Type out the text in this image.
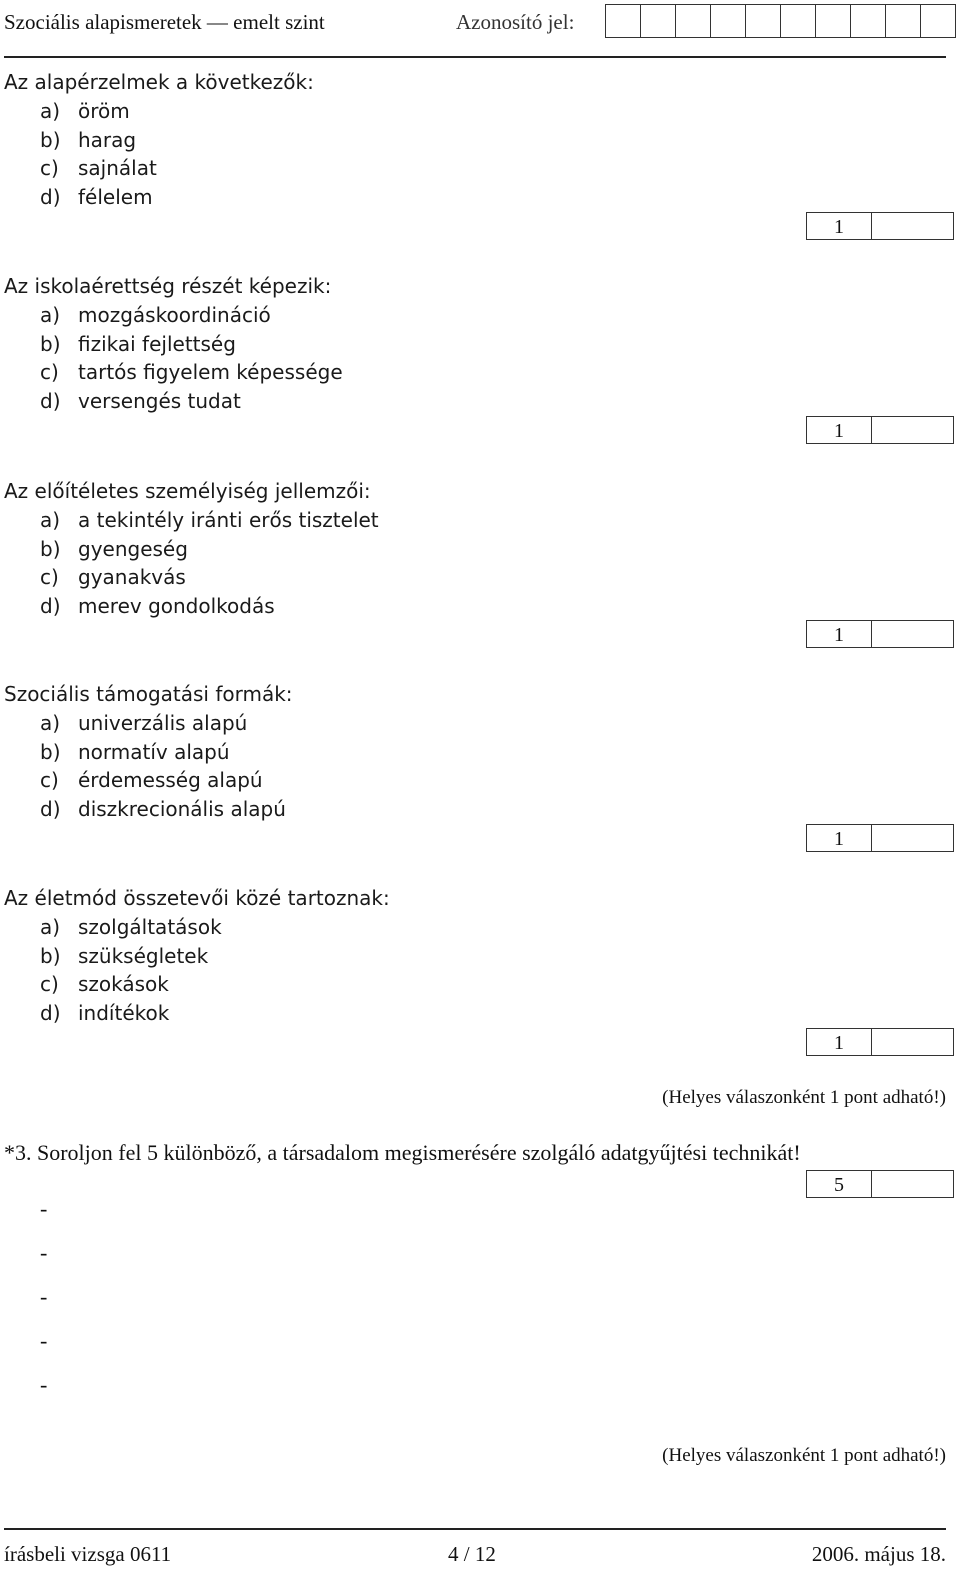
Szociális alapismeretek — emelt szint	Azonosító jel:
Az alapérzelmek a következők:
a) öröm
b) harag
c) sajnálat
d) félelem
1
Az iskolaérettség részét képezik:
a) mozgáskoordináció
b) fizikai fejlettség
c) tartós figyelem képessége
d) versengés tudat
1
Az előítéletes személyiség jellemzői:
a) a tekintély iránti erős tisztelet
b) gyengeség
c) gyanakvás
d) merev gondolkodás
1
Szociális támogatási formák:
a) univerzális alapú
b) normatív alapú
c) érdemesség alapú
d) diszkrecionális alapú
1
Az életmód összetevői közé tartoznak:
a) szolgáltatások
b) szükségletek
c) szokások
d) indítékok
1
(Helyes válaszonként 1 pont adható!)
*3. Soroljon fel 5 különböző, a társadalom megismerésére szolgáló adatgyűjtési technikát!
5
-
-
-
-
-
(Helyes válaszonként 1 pont adható!)
írásbeli vizsga 0611	4 / 12	2006. május 18.
